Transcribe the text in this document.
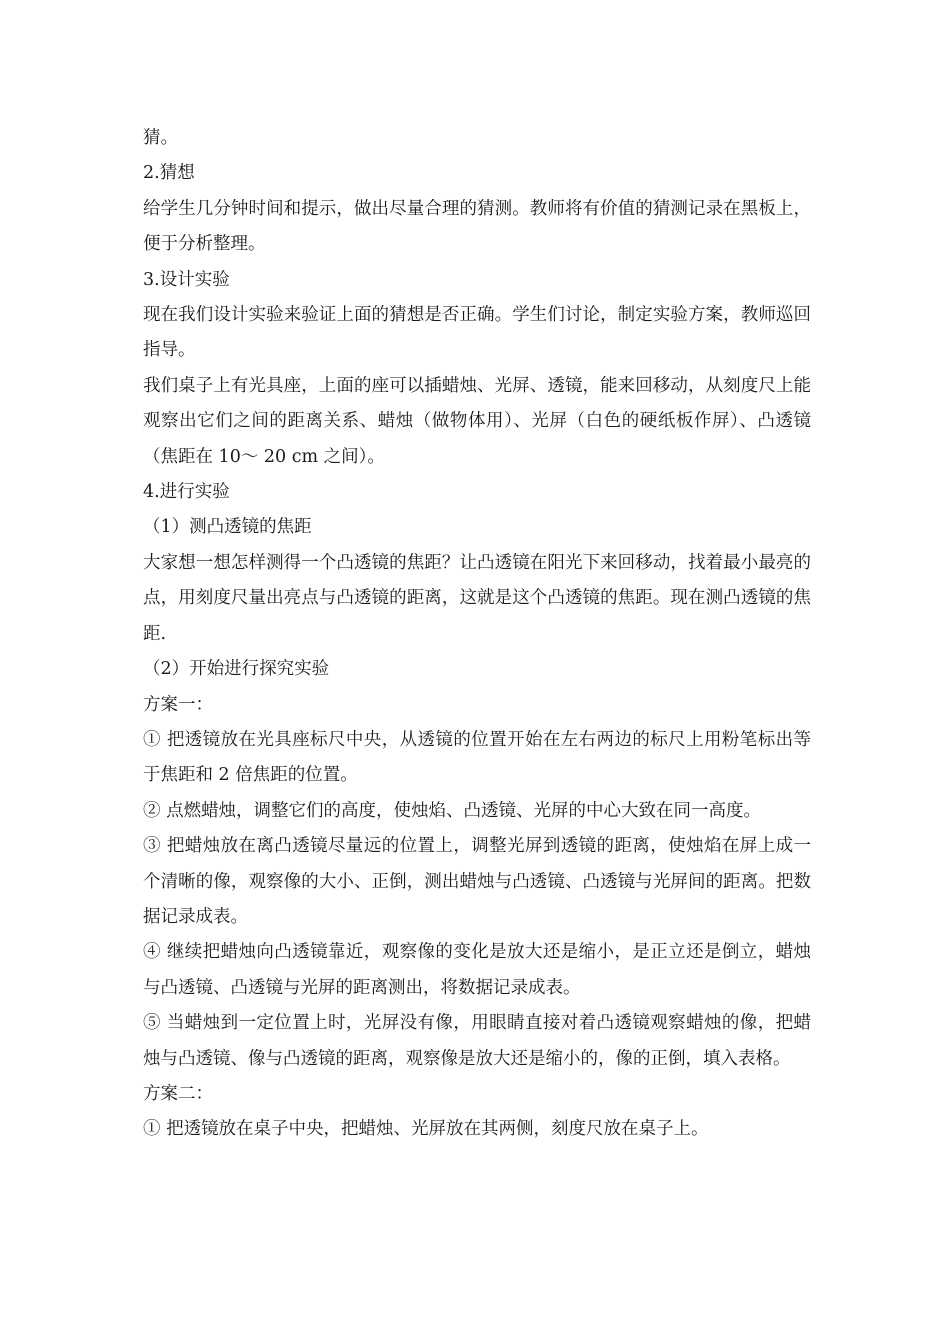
猜。

2.猜想

给学生几分钟时间和提示，做出尽量合理的猜测。教师将有价值的猜测记录在黑板上，便于分析整理。

3.设计实验

现在我们设计实验来验证上面的猜想是否正确。学生们讨论，制定实验方案，教师巡回指导。

我们桌子上有光具座，上面的座可以插蜡烛、光屏、透镜，能来回移动，从刻度尺上能观察出它们之间的距离关系、蜡烛（做物体用）、光屏（白色的硬纸板作屏）、凸透镜（焦距在 10～ 20 cm 之间）。

4.进行实验

（1）测凸透镜的焦距

大家想一想怎样测得一个凸透镜的焦距？让凸透镜在阳光下来回移动，找着最小最亮的点，用刻度尺量出亮点与凸透镜的距离，这就是这个凸透镜的焦距。现在测凸透镜的焦距.

（2）开始进行探究实验

方案一：

① 把透镜放在光具座标尺中央，从透镜的位置开始在左右两边的标尺上用粉笔标出等于焦距和 2 倍焦距的位置。

② 点燃蜡烛，调整它们的高度，使烛焰、凸透镜、光屏的中心大致在同一高度。

③ 把蜡烛放在离凸透镜尽量远的位置上，调整光屏到透镜的距离，使烛焰在屏上成一个清晰的像，观察像的大小、正倒，测出蜡烛与凸透镜、凸透镜与光屏间的距离。把数据记录成表。

④ 继续把蜡烛向凸透镜靠近，观察像的变化是放大还是缩小，是正立还是倒立，蜡烛与凸透镜、凸透镜与光屏的距离测出，将数据记录成表。

⑤ 当蜡烛到一定位置上时，光屏没有像，用眼睛直接对着凸透镜观察蜡烛的像，把蜡烛与凸透镜、像与凸透镜的距离，观察像是放大还是缩小的，像的正倒，填入表格。

方案二：

① 把透镜放在桌子中央，把蜡烛、光屏放在其两侧，刻度尺放在桌子上。
